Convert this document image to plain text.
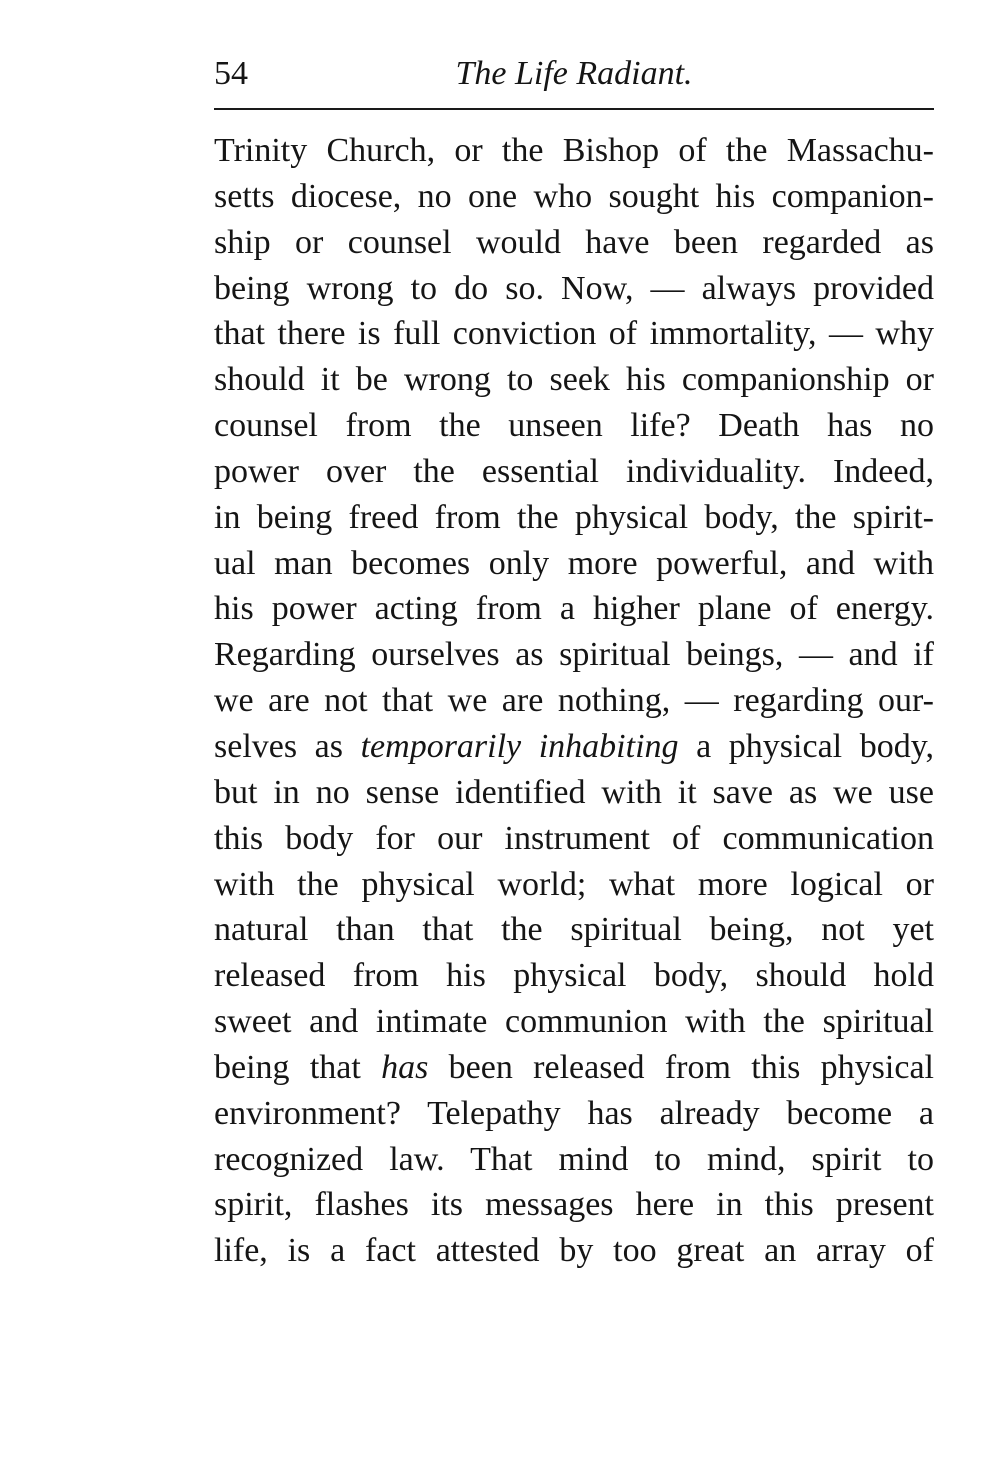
54	The Life Radiant.
Trinity Church, or the Bishop of the Massachu-
setts diocese, no one who sought his companion-
ship or counsel would have been regarded as
being wrong to do so. Now, — always provided
that there is full conviction of immortality, — why
should it be wrong to seek his companionship or
counsel from the unseen life? Death has no
power over the essential individuality. Indeed,
in being freed from the physical body, the spirit-
ual man becomes only more powerful, and with
his power acting from a higher plane of energy.
Regarding ourselves as spiritual beings, — and if
we are not that we are nothing, — regarding our-
selves as temporarily inhabiting a physical body,
but in no sense identified with it save as we use
this body for our instrument of communication
with the physical world; what more logical or
natural than that the spiritual being, not yet
released from his physical body, should hold
sweet and intimate communion with the spiritual
being that has been released from this physical
environment? Telepathy has already become a
recognized law. That mind to mind, spirit to
spirit, flashes its messages here in this present
life, is a fact attested by too great an array of
